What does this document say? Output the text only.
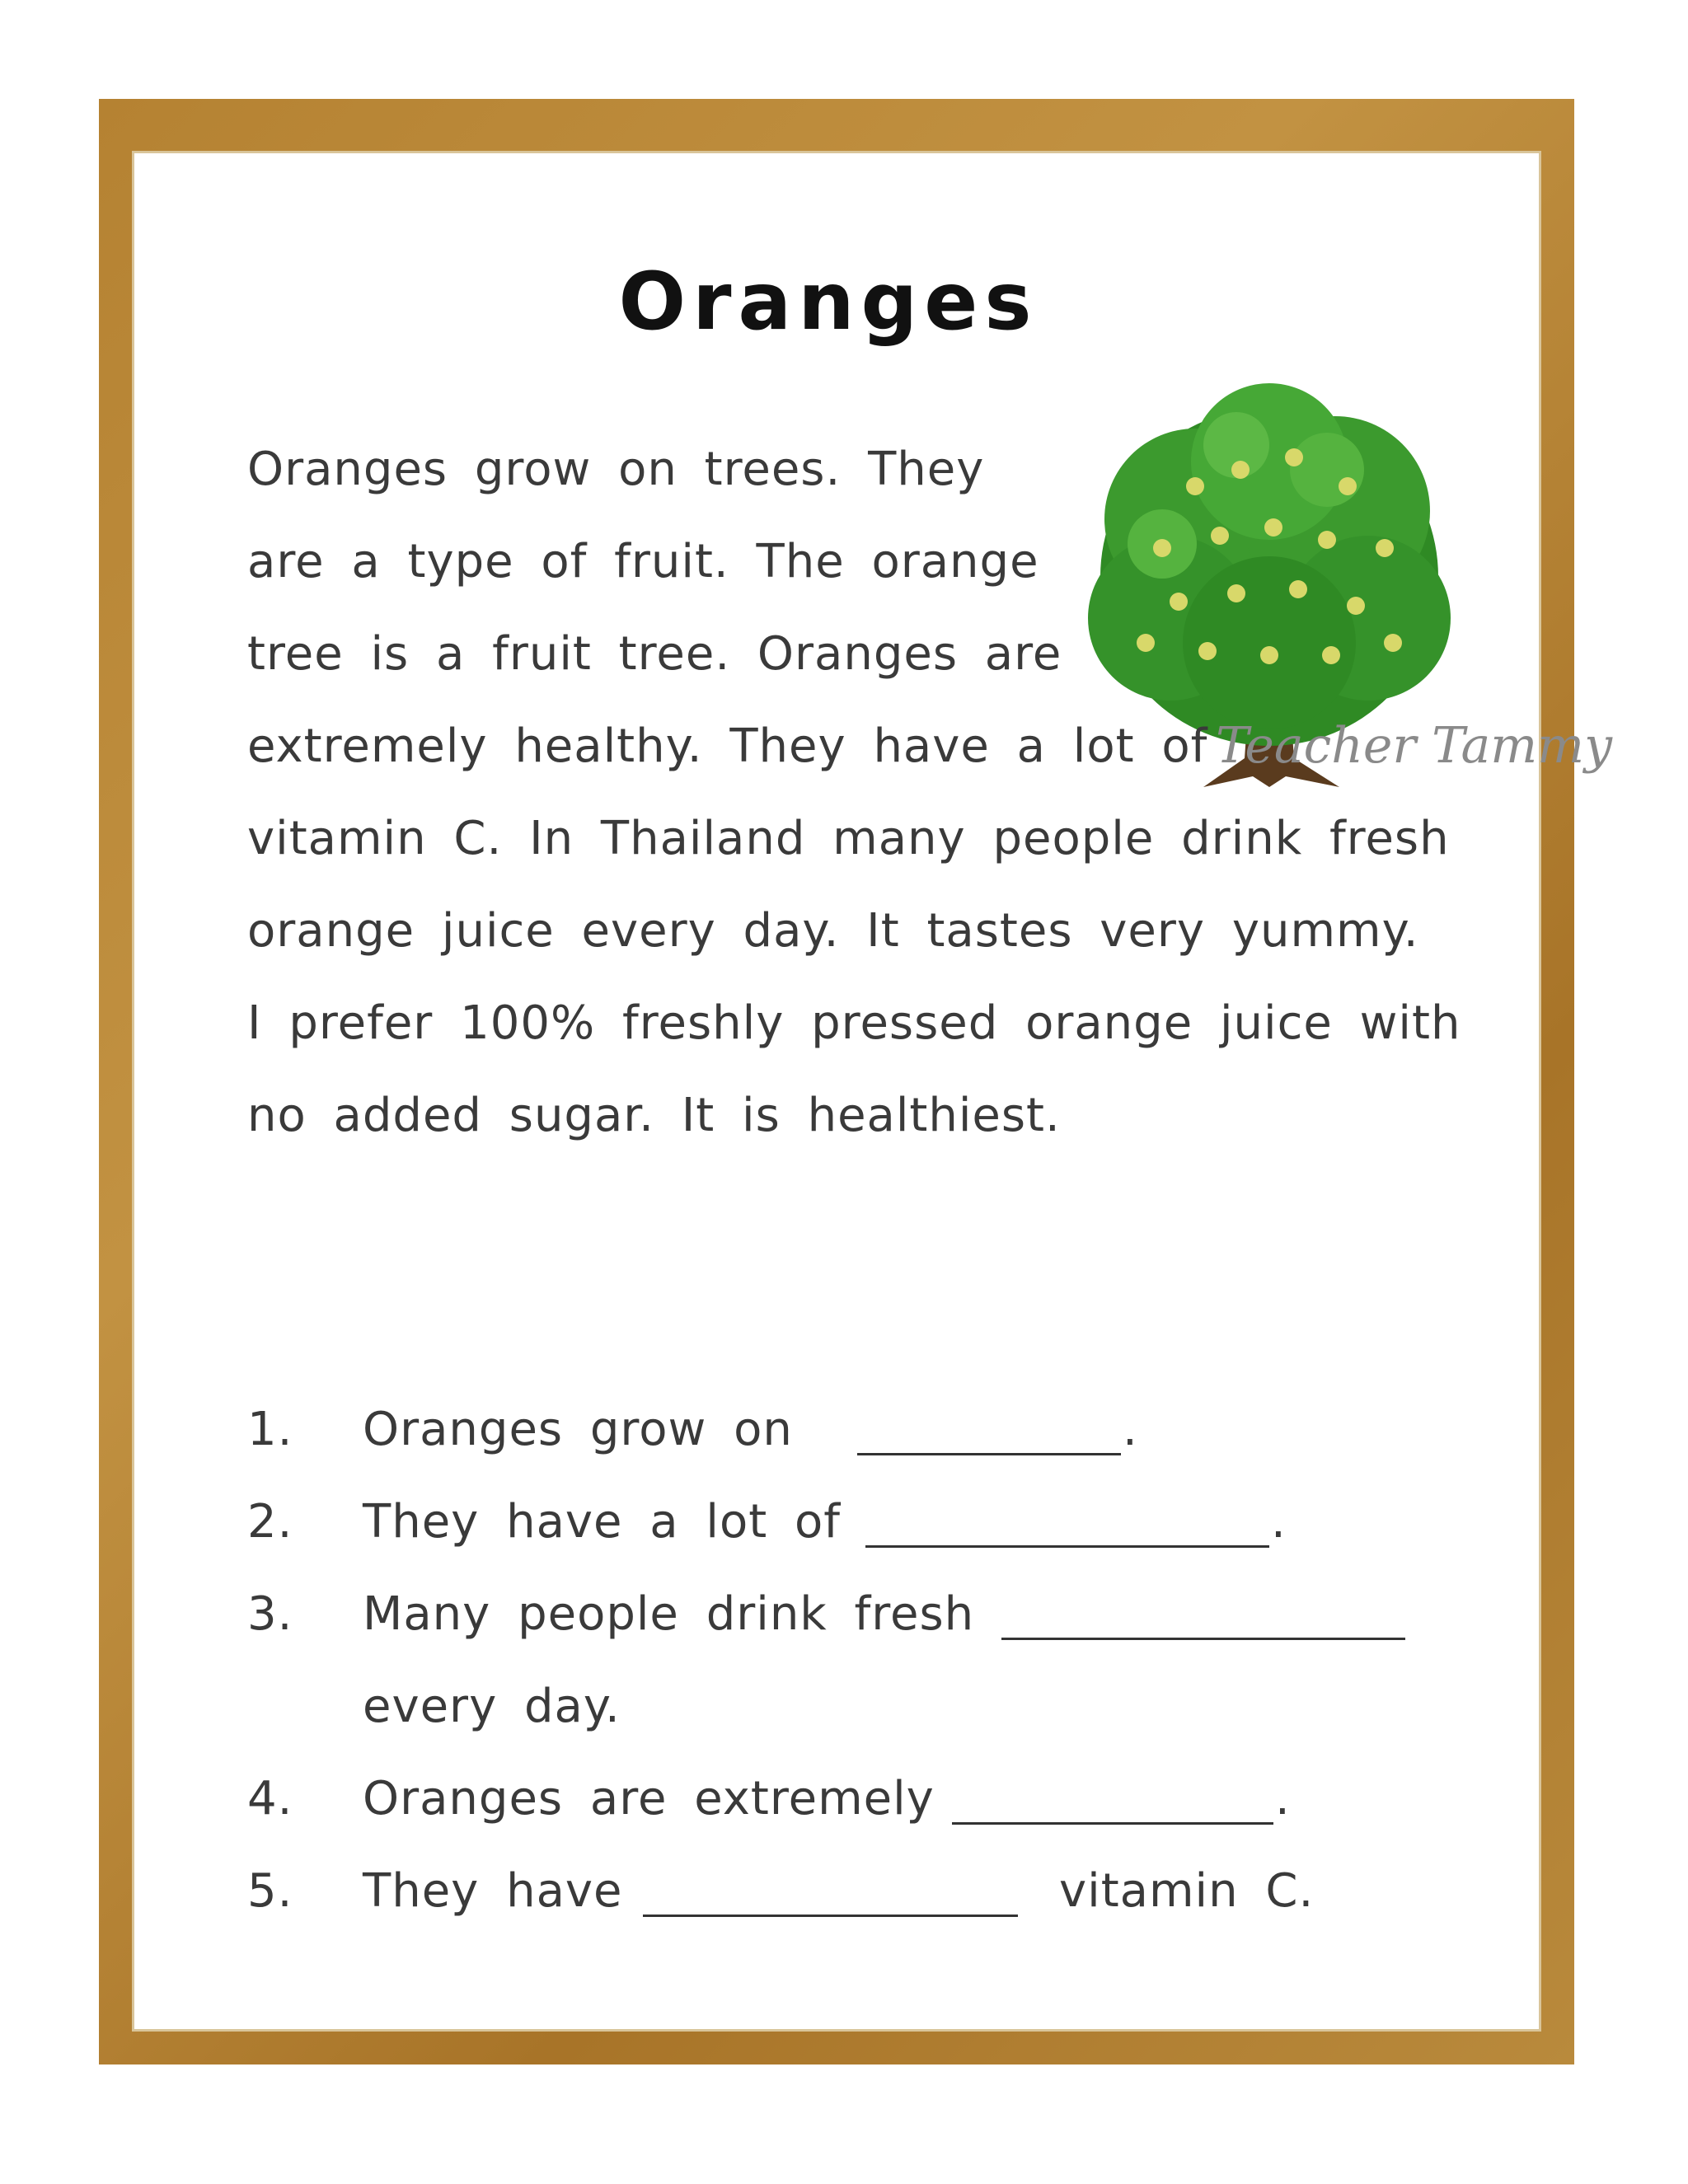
Oranges
Teacher Tammy
Oranges grow on trees. They
are a type of fruit. The orange
tree is a fruit tree. Oranges are
extremely healthy. They have a lot of
vitamin C. In Thailand many people drink fresh
orange juice every day. It tastes very yummy.
I prefer 100% freshly pressed orange juice with
no added sugar. It is healthiest.
1. Oranges grow on	.
2. They have a lot of	.
3. Many people drink fresh
every day.
4. Oranges are extremely	.
5. They have	vitamin C.
